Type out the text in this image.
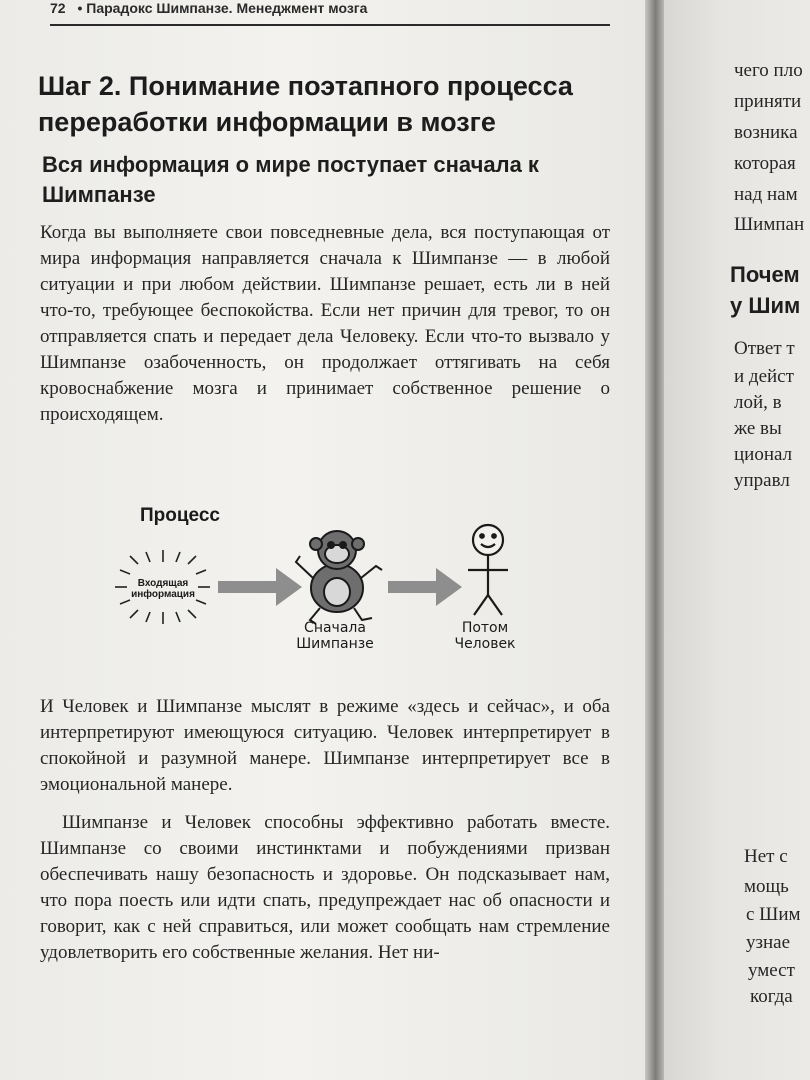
72 • Парадокс Шимпанзе. Менеджмент мозга

Шаг 2. Понимание поэтапного процесса переработки информации в мозге
Вся информация о мире поступает сначала к Шимпанзе
Когда вы выполняете свои повседневные дела, вся поступающая от мира информация направляется сначала к Шимпанзе — в любой ситуации и при любом действии. Шимпанзе решает, есть ли в ней что-то, требующее беспокойства. Если нет причин для тревог, то он отправляется спать и передает дела Человеку. Если что-то вызвало у Шимпанзе озабоченность, он продолжает оттягивать на себя кровоснабжение мозга и принимает собственное решение о происходящем.
Процесс
Входящая информация
Сначала Шимпанзе
Потом Человек
И Человек и Шимпанзе мыслят в режиме «здесь и сейчас», и оба интерпретируют имеющуюся ситуацию. Человек интерпретирует в спокойной и разумной манере. Шимпанзе интерпретирует все в эмоциональной манере.
Шимпанзе и Человек способны эффективно работать вместе. Шимпанзе со своими инстинктами и побуждениями призван обеспечивать нашу безопасность и здоровье. Он подсказывает нам, что пора поесть или идти спать, предупреждает нас об опасности и говорит, как с ней справиться, или может сообщать нам стремление удовлетворить его собственные желания. Нет ни-
чего пло
приняти
возника
которая
над нам
Шимпан
Почем
у Шим
Ответ т
и дейст
лой, в
же вы
ционал
управл
Нет с
мощь
с Шим
узнае
умест
когда
